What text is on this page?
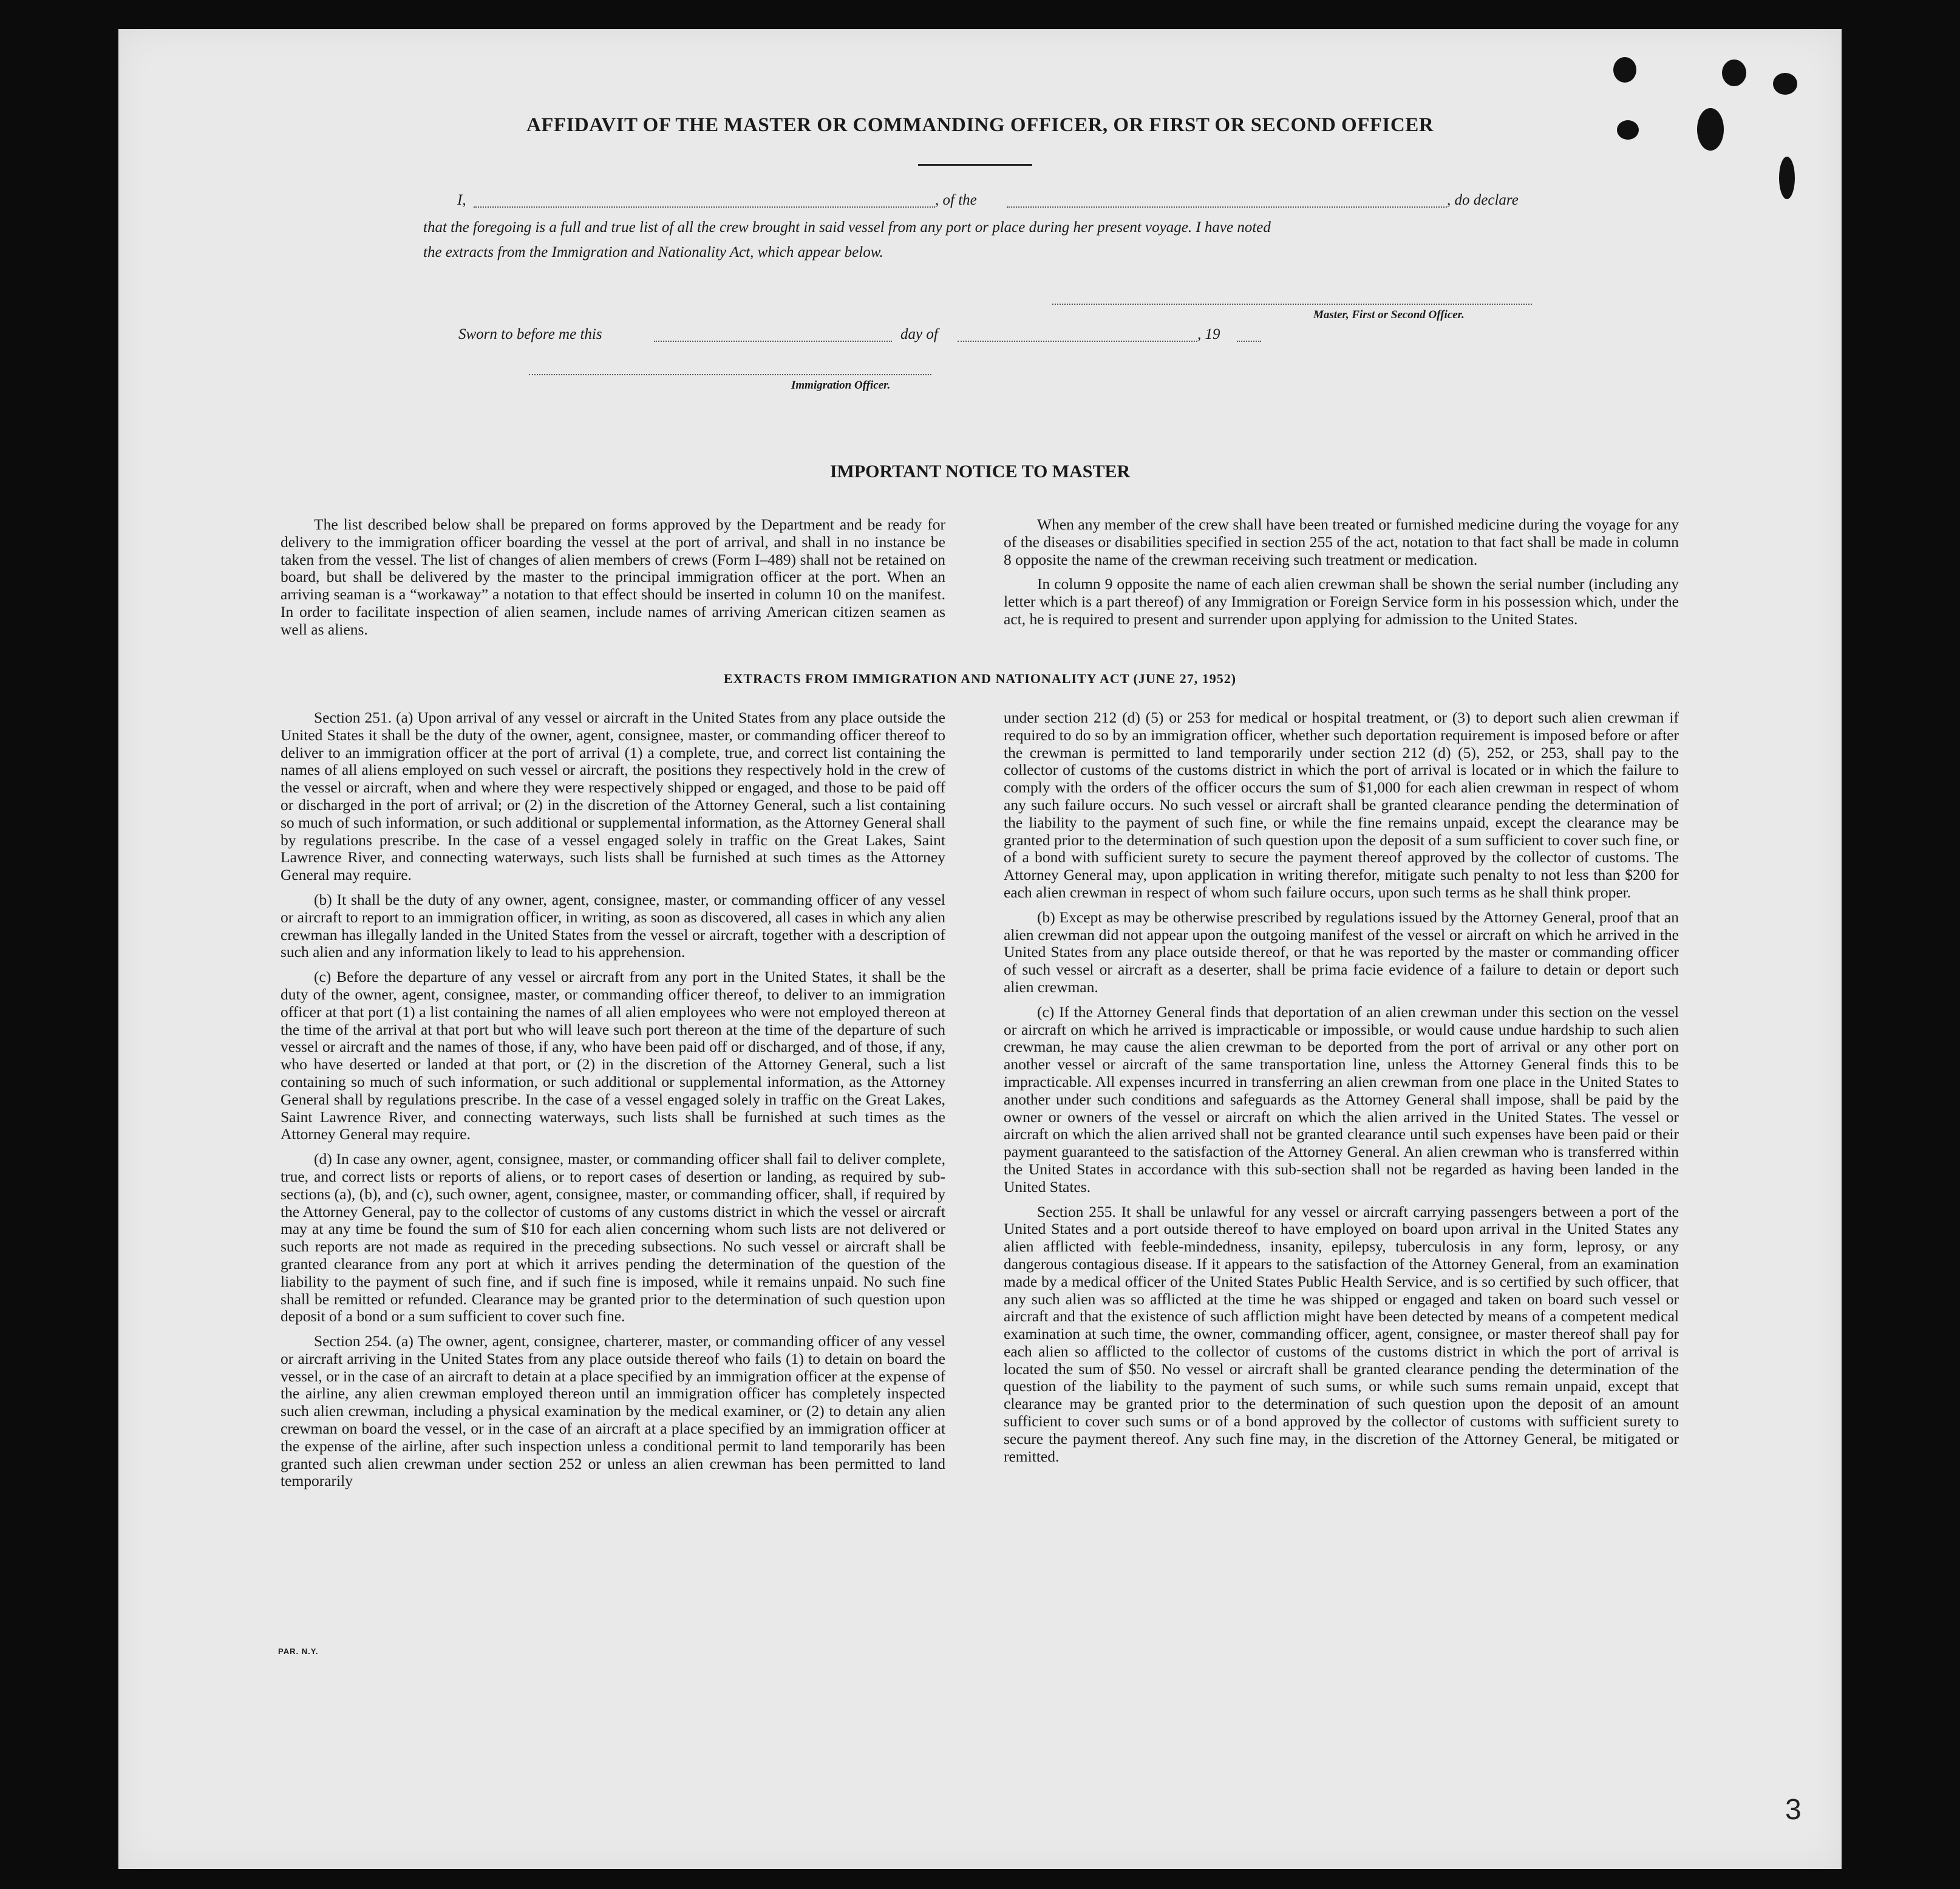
AFFIDAVIT OF THE MASTER OR COMMANDING OFFICER, OR FIRST OR SECOND OFFICER
I,	, of the	, do declare
that the foregoing is a full and true list of all the crew brought in said vessel from any port or place during her present voyage. I have noted
the extracts from the Immigration and Nationality Act, which appear below.
Master, First or Second Officer.
Sworn to before me this	day of	, 19
Immigration Officer.
IMPORTANT NOTICE TO MASTER

The list described below shall be prepared on forms approved by the Department and be ready for delivery to the immigration officer boarding the vessel at the port of arrival, and shall in no instance be taken from the vessel. The list of changes of alien members of crews (Form I–489) shall not be retained on board, but shall be delivered by the master to the principal immigration officer at the port. When an arriving seaman is a “workaway” a notation to that effect should be inserted in column 10 on the manifest. In order to facilitate inspection of alien seamen, include names of arriving American citizen seamen as well as aliens.

When any member of the crew shall have been treated or furnished medicine during the voyage for any of the diseases or disabilities specified in section 255 of the act, notation to that fact shall be made in column 8 opposite the name of the crewman receiving such treatment or medication.

In column 9 opposite the name of each alien crewman shall be shown the serial number (including any letter which is a part thereof) of any Immigration or Foreign Service form in his possession which, under the act, he is required to present and surrender upon applying for admission to the United States.

EXTRACTS FROM IMMIGRATION AND NATIONALITY ACT (JUNE 27, 1952)

Section 251. (a) Upon arrival of any vessel or aircraft in the United States from any place outside the United States it shall be the duty of the owner, agent, consignee, master, or commanding officer thereof to deliver to an immigration officer at the port of arrival (1) a complete, true, and correct list containing the names of all aliens employed on such vessel or aircraft, the positions they respectively hold in the crew of the vessel or aircraft, when and where they were respectively shipped or engaged, and those to be paid off or discharged in the port of arrival; or (2) in the discretion of the Attorney General, such a list containing so much of such information, or such additional or supplemental information, as the Attorney General shall by regulations prescribe. In the case of a vessel engaged solely in traffic on the Great Lakes, Saint Lawrence River, and connecting waterways, such lists shall be furnished at such times as the Attorney General may require.

(b) It shall be the duty of any owner, agent, consignee, master, or commanding officer of any vessel or aircraft to report to an immigration officer, in writing, as soon as discovered, all cases in which any alien crewman has illegally landed in the United States from the vessel or aircraft, together with a description of such alien and any information likely to lead to his apprehension.

(c) Before the departure of any vessel or aircraft from any port in the United States, it shall be the duty of the owner, agent, consignee, master, or commanding officer thereof, to deliver to an immigration officer at that port (1) a list containing the names of all alien employees who were not employed thereon at the time of the arrival at that port but who will leave such port thereon at the time of the departure of such vessel or aircraft and the names of those, if any, who have been paid off or discharged, and of those, if any, who have deserted or landed at that port, or (2) in the discretion of the Attorney General, such a list containing so much of such information, or such additional or supplemental information, as the Attorney General shall by regulations prescribe. In the case of a vessel engaged solely in traffic on the Great Lakes, Saint Lawrence River, and connecting waterways, such lists shall be furnished at such times as the Attorney General may require.

(d) In case any owner, agent, consignee, master, or commanding officer shall fail to deliver complete, true, and correct lists or reports of aliens, or to report cases of desertion or landing, as required by sub-sections (a), (b), and (c), such owner, agent, consignee, master, or commanding officer, shall, if required by the Attorney General, pay to the collector of customs of any customs district in which the vessel or aircraft may at any time be found the sum of $10 for each alien concerning whom such lists are not delivered or such reports are not made as required in the preceding subsections. No such vessel or aircraft shall be granted clearance from any port at which it arrives pending the determination of the question of the liability to the payment of such fine, and if such fine is imposed, while it remains unpaid. No such fine shall be remitted or refunded. Clearance may be granted prior to the determination of such question upon deposit of a bond or a sum sufficient to cover such fine.

Section 254. (a) The owner, agent, consignee, charterer, master, or commanding officer of any vessel or aircraft arriving in the United States from any place outside thereof who fails (1) to detain on board the vessel, or in the case of an aircraft to detain at a place specified by an immigration officer at the expense of the airline, any alien crewman employed thereon until an immigration officer has completely inspected such alien crewman, including a physical examination by the medical examiner, or (2) to detain any alien crewman on board the vessel, or in the case of an aircraft at a place specified by an immigration officer at the expense of the airline, after such inspection unless a conditional permit to land temporarily has been granted such alien crewman under section 252 or unless an alien crewman has been permitted to land temporarily

under section 212 (d) (5) or 253 for medical or hospital treatment, or (3) to deport such alien crewman if required to do so by an immigration officer, whether such deportation requirement is imposed before or after the crewman is permitted to land temporarily under section 212 (d) (5), 252, or 253, shall pay to the collector of customs of the customs district in which the port of arrival is located or in which the failure to comply with the orders of the officer occurs the sum of $1,000 for each alien crewman in respect of whom any such failure occurs. No such vessel or aircraft shall be granted clearance pending the determination of the liability to the payment of such fine, or while the fine remains unpaid, except the clearance may be granted prior to the determination of such question upon the deposit of a sum sufficient to cover such fine, or of a bond with sufficient surety to secure the payment thereof approved by the collector of customs. The Attorney General may, upon application in writing therefor, mitigate such penalty to not less than $200 for each alien crewman in respect of whom such failure occurs, upon such terms as he shall think proper.

(b) Except as may be otherwise prescribed by regulations issued by the Attorney General, proof that an alien crewman did not appear upon the outgoing manifest of the vessel or aircraft on which he arrived in the United States from any place outside thereof, or that he was reported by the master or commanding officer of such vessel or aircraft as a deserter, shall be prima facie evidence of a failure to detain or deport such alien crewman.

(c) If the Attorney General finds that deportation of an alien crewman under this section on the vessel or aircraft on which he arrived is impracticable or impossible, or would cause undue hardship to such alien crewman, he may cause the alien crewman to be deported from the port of arrival or any other port on another vessel or aircraft of the same transportation line, unless the Attorney General finds this to be impracticable. All expenses incurred in transferring an alien crewman from one place in the United States to another under such conditions and safeguards as the Attorney General shall impose, shall be paid by the owner or owners of the vessel or aircraft on which the alien arrived in the United States. The vessel or aircraft on which the alien arrived shall not be granted clearance until such expenses have been paid or their payment guaranteed to the satisfaction of the Attorney General. An alien crewman who is transferred within the United States in accordance with this sub-section shall not be regarded as having been landed in the United States.

Section 255. It shall be unlawful for any vessel or aircraft carrying passengers between a port of the United States and a port outside thereof to have employed on board upon arrival in the United States any alien afflicted with feeble-mindedness, insanity, epilepsy, tuberculosis in any form, leprosy, or any dangerous contagious disease. If it appears to the satisfaction of the Attorney General, from an examination made by a medical officer of the United States Public Health Service, and is so certified by such officer, that any such alien was so afflicted at the time he was shipped or engaged and taken on board such vessel or aircraft and that the existence of such affliction might have been detected by means of a competent medical examination at such time, the owner, commanding officer, agent, consignee, or master thereof shall pay for each alien so afflicted to the collector of customs of the customs district in which the port of arrival is located the sum of $50. No vessel or aircraft shall be granted clearance pending the determination of the question of the liability to the payment of such sums, or while such sums remain unpaid, except that clearance may be granted prior to the determination of such question upon the deposit of an amount sufficient to cover such sums or of a bond approved by the collector of customs with sufficient surety to secure the payment thereof. Any such fine may, in the discretion of the Attorney General, be mitigated or remitted.

PAR. N.Y.
3
